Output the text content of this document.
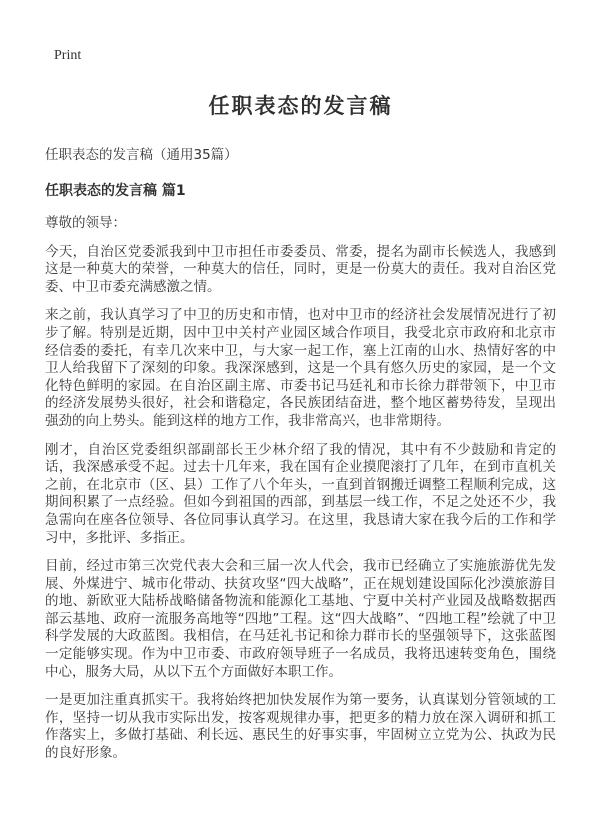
Print
任职表态的发言稿

任职表态的发言稿（通用35篇）

任职表态的发言稿 篇1

尊敬的领导：

今天，自治区党委派我到中卫市担任市委委员、常委，提名为副市长候选人，我感到这是一种莫大的荣誉，一种莫大的信任，同时，更是一份莫大的责任。我对自治区党委、中卫市委充满感激之情。

来之前，我认真学习了中卫的历史和市情，也对中卫市的经济社会发展情况进行了初步了解。特别是近期，因中卫中关村产业园区域合作项目，我受北京市政府和北京市经信委的委托，有幸几次来中卫，与大家一起工作，塞上江南的山水、热情好客的中卫人给我留下了深刻的印象。我深深感到，这是一个具有悠久历史的家园，是一个文化特色鲜明的家园。在自治区副主席、市委书记马廷礼和市长徐力群带领下，中卫市的经济发展势头很好，社会和谐稳定，各民族团结奋进，整个地区蓄势待发，呈现出强劲的向上势头。能到这样的地方工作，我非常高兴，也非常期待。

刚才，自治区党委组织部副部长王少林介绍了我的情况，其中有不少鼓励和肯定的话，我深感承受不起。过去十几年来，我在国有企业摸爬滚打了几年，在到市直机关之前，在北京市（区、县）工作了八个年头，一直到首钢搬迁调整工程顺利完成，这期间积累了一点经验。但如今到祖国的西部，到基层一线工作，不足之处还不少，我急需向在座各位领导、各位同事认真学习。在这里，我恳请大家在我今后的工作和学习中，多批评、多指正。

目前，经过市第三次党代表大会和三届一次人代会，我市已经确立了实施旅游优先发展、外煤进宁、城市化带动、扶贫攻坚“四大战略”，正在规划建设国际化沙漠旅游目的地、新欧亚大陆桥战略储备物流和能源化工基地、宁夏中关村产业园及战略数据西部云基地、政府一流服务高地等“四地”工程。这“四大战略”、“四地工程”绘就了中卫科学发展的大政蓝图。我相信，在马廷礼书记和徐力群市长的坚强领导下，这张蓝图一定能够实现。作为中卫市委、市政府领导班子一名成员，我将迅速转变角色，围绕中心，服务大局，从以下五个方面做好本职工作。

一是更加注重真抓实干。我将始终把加快发展作为第一要务，认真谋划分管领域的工作，坚持一切从我市实际出发，按客观规律办事，把更多的精力放在深入调研和抓工作落实上，多做打基础、利长远、惠民生的好事实事，牢固树立立党为公、执政为民的良好形象。
